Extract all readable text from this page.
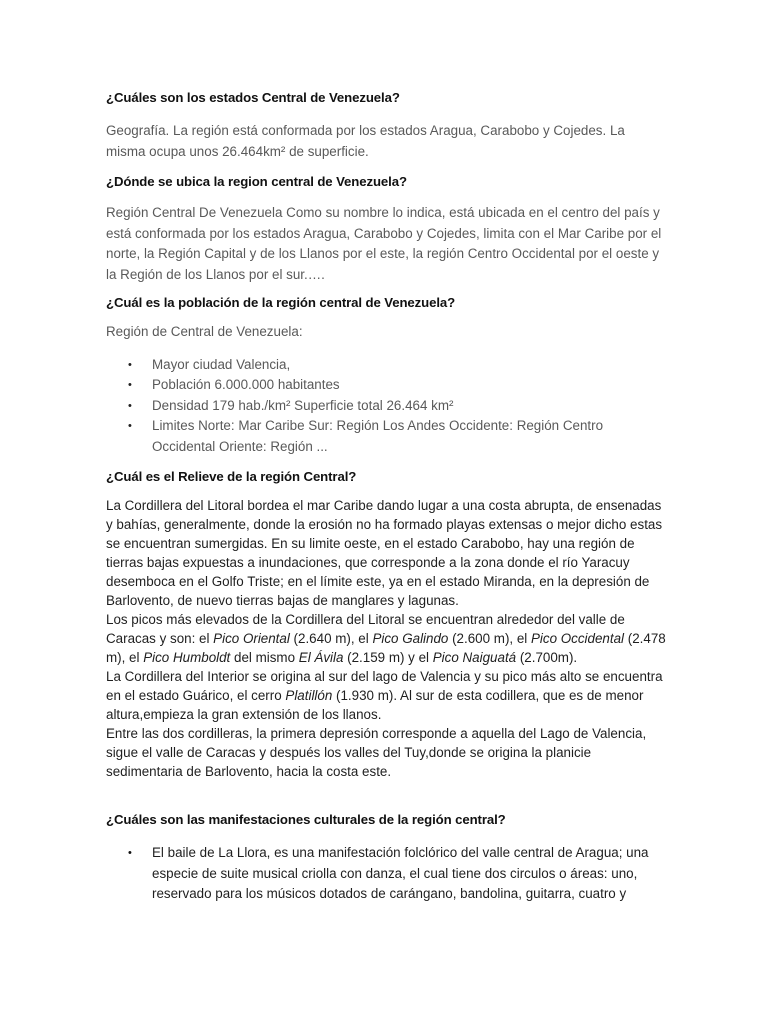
¿Cuáles son los estados Central de Venezuela?

Geografía. La región está conformada por los estados Aragua, Carabobo y Cojedes. La misma ocupa unos 26.464km² de superficie.

¿Dónde se ubica la region central de Venezuela?

Región Central De Venezuela Como su nombre lo indica, está ubicada en el centro del país y está conformada por los estados Aragua, Carabobo y Cojedes, limita con el Mar Caribe por el norte, la Región Capital y de los Llanos por el este, la región Centro Occidental por el oeste y la Región de los Llanos por el sur.….

¿Cuál es la población de la región central de Venezuela?

Región de Central de Venezuela:

• Mayor ciudad Valencia,
• Población 6.000.000 habitantes
• Densidad 179 hab./km² Superficie total 26.464 km²
• Limites Norte: Mar Caribe Sur: Región Los Andes Occidente: Región Centro Occidental Oriente: Región ...

¿Cuál es el Relieve de la región Central?

La Cordillera del Litoral bordea el mar Caribe dando lugar a una costa abrupta, de ensenadas y bahías, generalmente, donde la erosión no ha formado playas extensas o mejor dicho estas se encuentran sumergidas. En su limite oeste, en el estado Carabobo, hay una región de tierras bajas expuestas a inundaciones, que corresponde a la zona donde el río Yaracuy desemboca en el Golfo Triste; en el límite este, ya en el estado Miranda, en la depresión de Barlovento, de nuevo tierras bajas de manglares y lagunas.

Los picos más elevados de la Cordillera del Litoral se encuentran alrededor del valle de Caracas y son: el Pico Oriental (2.640 m), el Pico Galindo (2.600 m), el Pico Occidental (2.478 m), el Pico Humboldt del mismo El Ávila (2.159 m) y el Pico Naiguatá (2.700m).

La Cordillera del Interior se origina al sur del lago de Valencia y su pico más alto se encuentra en el estado Guárico, el cerro Platillón (1.930 m). Al sur de esta codillera, que es de menor altura,empieza la gran extensión de los llanos.

Entre las dos cordilleras, la primera depresión corresponde a aquella del Lago de Valencia, sigue el valle de Caracas y después los valles del Tuy,donde se origina la planicie sedimentaria de Barlovento, hacia la costa este.

¿Cuáles son las manifestaciones culturales de la región central?

• El baile de La Llora, es una manifestación folclórico del valle central de Aragua; una especie de suite musical criolla con danza, el cual tiene dos circulos o áreas: uno, reservado para los músicos dotados de carángano, bandolina, guitarra, cuatro y
